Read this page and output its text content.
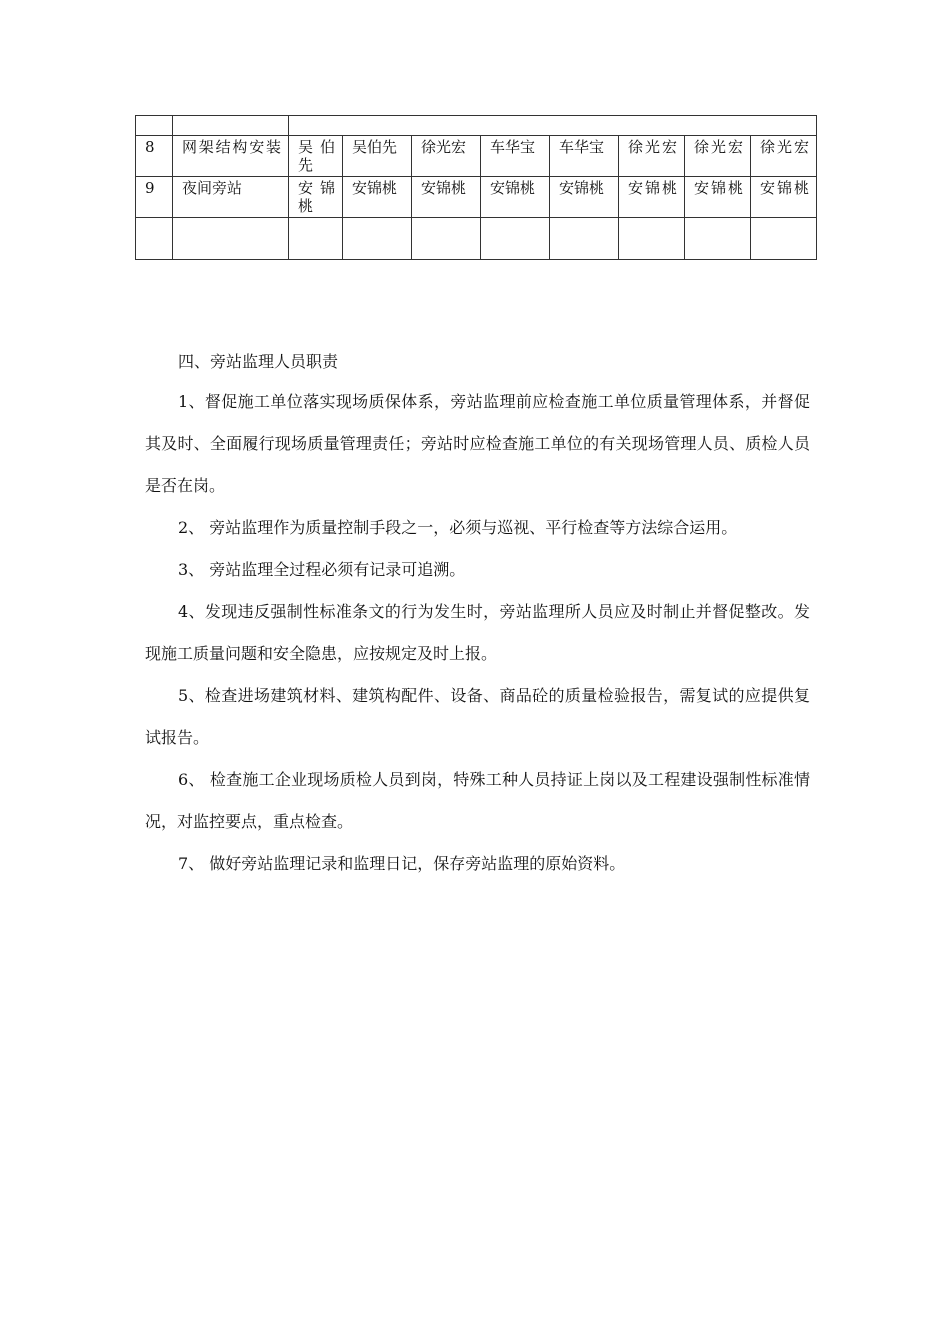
8	网架结构安装	吴伯先	吴伯先	徐光宏	车华宝	车华宝	徐光宏	徐光宏	徐光宏

9	夜间旁站	安锦桃	安锦桃	安锦桃	安锦桃	安锦桃	安锦桃	安锦桃	安锦桃

四、旁站监理人员职责

1、督促施工单位落实现场质保体系，旁站监理前应检查施工单位质量管理体系，并督促其及时、全面履行现场质量管理责任；旁站时应检查施工单位的有关现场管理人员、质检人员是否在岗。

2、 旁站监理作为质量控制手段之一，必须与巡视、平行检查等方法综合运用。

3、 旁站监理全过程必须有记录可追溯。

4、发现违反强制性标准条文的行为发生时，旁站监理所人员应及时制止并督促整改。发现施工质量问题和安全隐患，应按规定及时上报。

5、检查进场建筑材料、建筑构配件、设备、商品砼的质量检验报告，需复试的应提供复试报告。

6、 检查施工企业现场质检人员到岗，特殊工种人员持证上岗以及工程建设强制性标准情况，对监控要点，重点检查。

7、 做好旁站监理记录和监理日记，保存旁站监理的原始资料。
